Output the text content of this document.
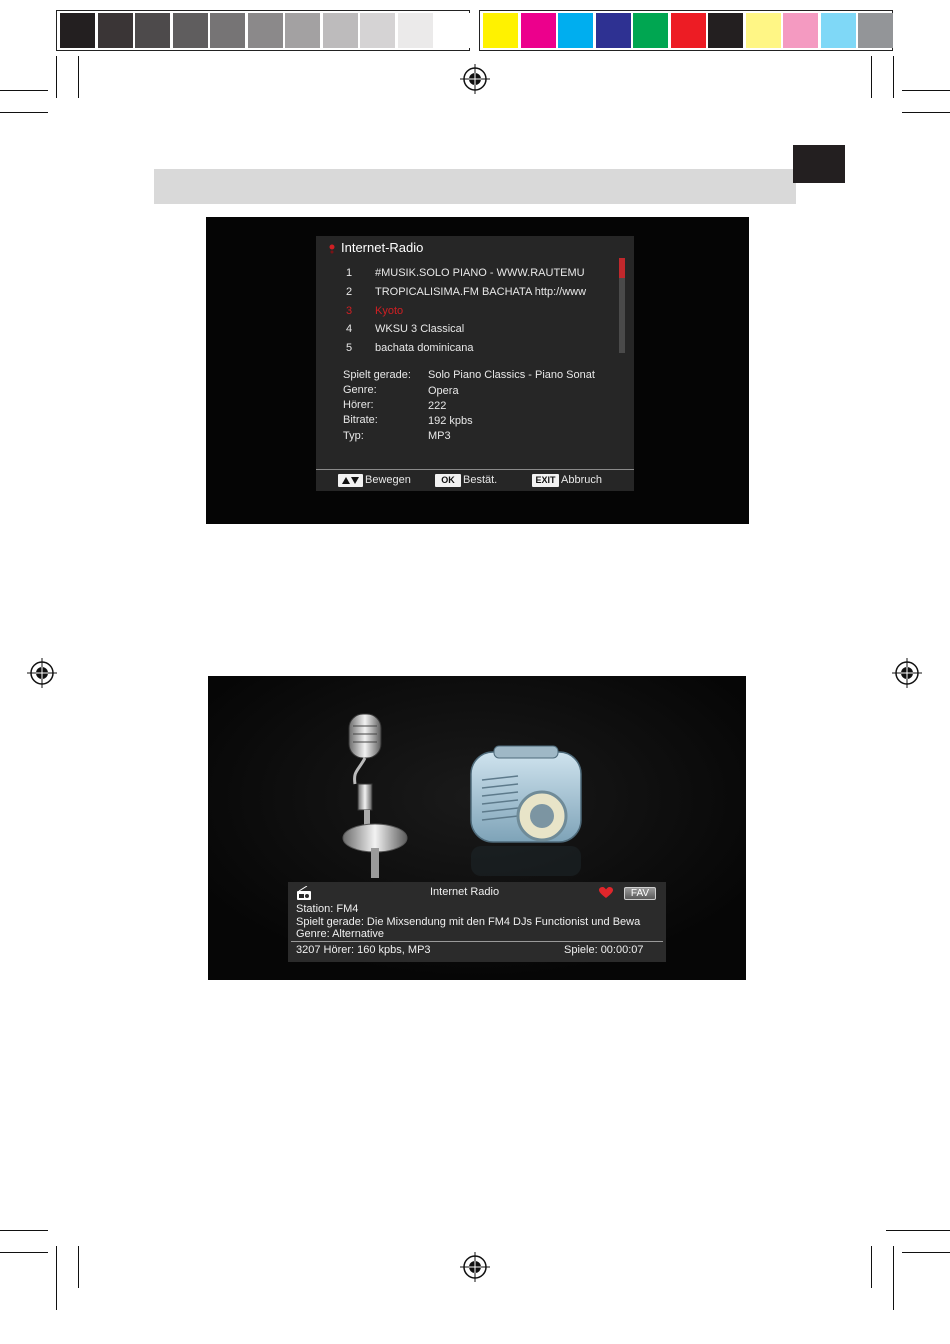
Internet-Radio
1 #MUSIK.SOLO PIANO - WWW.RAUTEMU
2 TROPICALISIMA.FM BACHATA http://www
3 Kyoto
4 WKSU 3 Classical
5 bachata dominicana
Spielt gerade: Solo Piano Classics - Piano Sonat
Genre:	Opera
Hörer:	222
Bitrate:	192 kpbs
Typ:	MP3
Bewegen	OK Bestät.	EXIT Abbruch
Internet Radio	FAV
Station: FM4
Spielt gerade: Die Mixsendung mit den FM4 DJs Functionist und Bewa
Genre: Alternative
3207 Hörer: 160 kpbs, MP3	Spiele: 00:00:07
